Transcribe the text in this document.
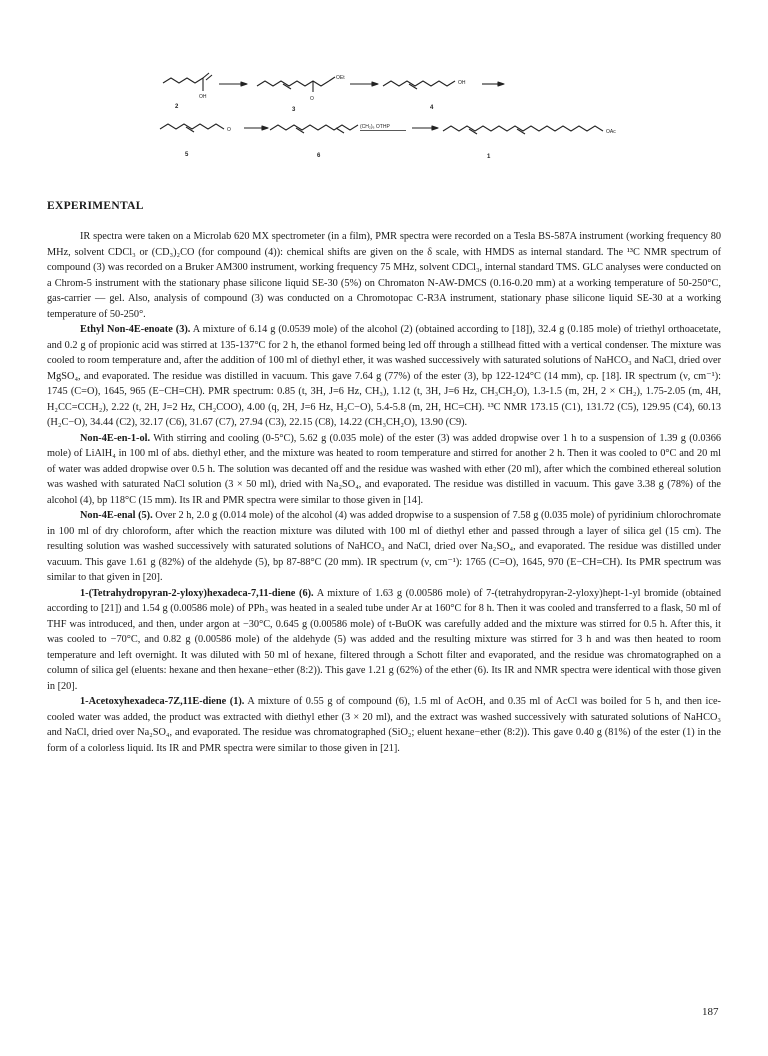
OH	O
OEt
OH
O	(CH₂)₆ OTHP
OAc
2	3	4
5	6	1
EXPERIMENTAL

IR spectra were taken on a Microlab 620 MX spectrometer (in a film), PMR spectra were recorded on a Tesla BS-587A instrument (working frequency 80 MHz, solvent CDCl₃ or (CD₃)₂CO (for compound (4)): chemical shifts are given on the δ scale, with HMDS as internal standard. The ¹³C NMR spectrum of compound (3) was recorded on a Bruker AM300 instrument, working frequency 75 MHz, solvent CDCl₃, internal standard TMS. GLC analyses were conducted on a Chrom-5 instrument with the stationary phase silicone liquid SE-30 (5%) on Chromaton N-AW-DMCS (0.16-0.20 mm) at a working temperature of 50-250°C, gas-carrier — gel. Also, analysis of compound (3) was conducted on a Chromotopac C-R3A instrument, stationary phase silicone liquid SE-30 at a working temperature of 50-250°.

Ethyl Non-4E-enoate (3). A mixture of 6.14 g (0.0539 mole) of the alcohol (2) (obtained according to [18]), 32.4 g (0.185 mole) of triethyl orthoacetate, and 0.2 g of propionic acid was stirred at 135-137°C for 2 h, the ethanol formed being led off through a stillhead fitted with a vertical condenser. The mixture was cooled to room temperature and, after the addition of 100 ml of diethyl ether, it was washed successively with saturated solutions of NaHCO₃ and NaCl, dried over MgSO₄, and evaporated. The residue was distilled in vacuum. This gave 7.64 g (77%) of the ester (3), bp 122-124°C (14 mm), cp. [18]. IR spectrum (ν, cm⁻¹): 1745 (C=O), 1645, 965 (E−CH=CH). PMR spectrum: 0.85 (t, 3H, J=6 Hz, CH₃), 1.12 (t, 3H, J=6 Hz, CH₃CH₂O), 1.3-1.5 (m, 2H, 2 × CH₂), 1.75-2.05 (m, 4H, H₂CC=CCH₂), 2.22 (t, 2H, J=2 Hz, CH₂COO), 4.00 (q, 2H, J=6 Hz, H₂C−O), 5.4-5.8 (m, 2H, HC=CH). ¹³C NMR 173.15 (C1), 131.72 (C5), 129.95 (C4), 60.13 (H₂C−O), 34.44 (C2), 32.17 (C6), 31.67 (C7), 27.94 (C3), 22.15 (C8), 14.22 (CH₃CH₂O), 13.90 (C9).

Non-4E-en-1-ol. With stirring and cooling (0-5°C), 5.62 g (0.035 mole) of the ester (3) was added dropwise over 1 h to a suspension of 1.39 g (0.0366 mole) of LiAlH₄ in 100 ml of abs. diethyl ether, and the mixture was heated to room temperature and stirred for another 2 h. Then it was cooled to 0°C and 20 ml of water was added dropwise over 0.5 h. The solution was decanted off and the residue was washed with ether (20 ml), after which the combined ethereal solution was washed with saturated NaCl solution (3 × 50 ml), dried with Na₂SO₄, and evaporated. The residue was distilled in vacuum. This gave 3.38 g (78%) of the alcohol (4), bp 118°C (15 mm). Its IR and PMR spectra were similar to those given in [14].

Non-4E-enal (5). Over 2 h, 2.0 g (0.014 mole) of the alcohol (4) was added dropwise to a suspension of 7.58 g (0.035 mole) of pyridinium chlorochromate in 100 ml of dry chloroform, after which the reaction mixture was diluted with 100 ml of diethyl ether and passed through a layer of silica gel (15 cm). The resulting solution was washed successively with saturated solutions of NaHCO₃ and NaCl, dried over Na₂SO₄, and evaporated. The residue was distilled under vacuum. This gave 1.61 g (82%) of the aldehyde (5), bp 87-88°C (20 mm). IR spectrum (ν, cm⁻¹): 1765 (C=O), 1645, 970 (E−CH=CH). Its PMR spectrum was similar to that given in [20].

1-(Tetrahydropyran-2-yloxy)hexadeca-7,11-diene (6). A mixture of 1.63 g (0.00586 mole) of 7-(tetrahydropyran-2-yloxy)hept-1-yl bromide (obtained according to [21]) and 1.54 g (0.00586 mole) of PPh₃ was heated in a sealed tube under Ar at 160°C for 8 h. Then it was cooled and transferred to a flask, 50 ml of THF was introduced, and then, under argon at −30°C, 0.645 g (0.00586 mole) of t-BuOK was carefully added and the mixture was stirred for 0.5 h. After this, it was cooled to −70°C, and 0.82 g (0.00586 mole) of the aldehyde (5) was added and the resulting mixture was stirred for 3 h and was then heated to room temperature and left overnight. It was diluted with 50 ml of hexane, filtered through a Schott filter and evaporated, and the residue was chromatographed on a column of silica gel (eluents: hexane and then hexane−ether (8:2)). This gave 1.21 g (62%) of the ether (6). Its IR and NMR spectra were identical with those given in [20].

1-Acetoxyhexadeca-7Z,11E-diene (1). A mixture of 0.55 g of compound (6), 1.5 ml of AcOH, and 0.35 ml of AcCl was boiled for 5 h, and then ice-cooled water was added, the product was extracted with diethyl ether (3 × 20 ml), and the extract was washed successively with saturated solutions of NaHCO₃ and NaCl, dried over Na₂SO₄, and evaporated. The residue was chromatographed (SiO₂; eluent hexane−ether (8:2)). This gave 0.40 g (81%) of the ester (1) in the form of a colorless liquid. Its IR and PMR spectra were similar to those given in [21].

187
